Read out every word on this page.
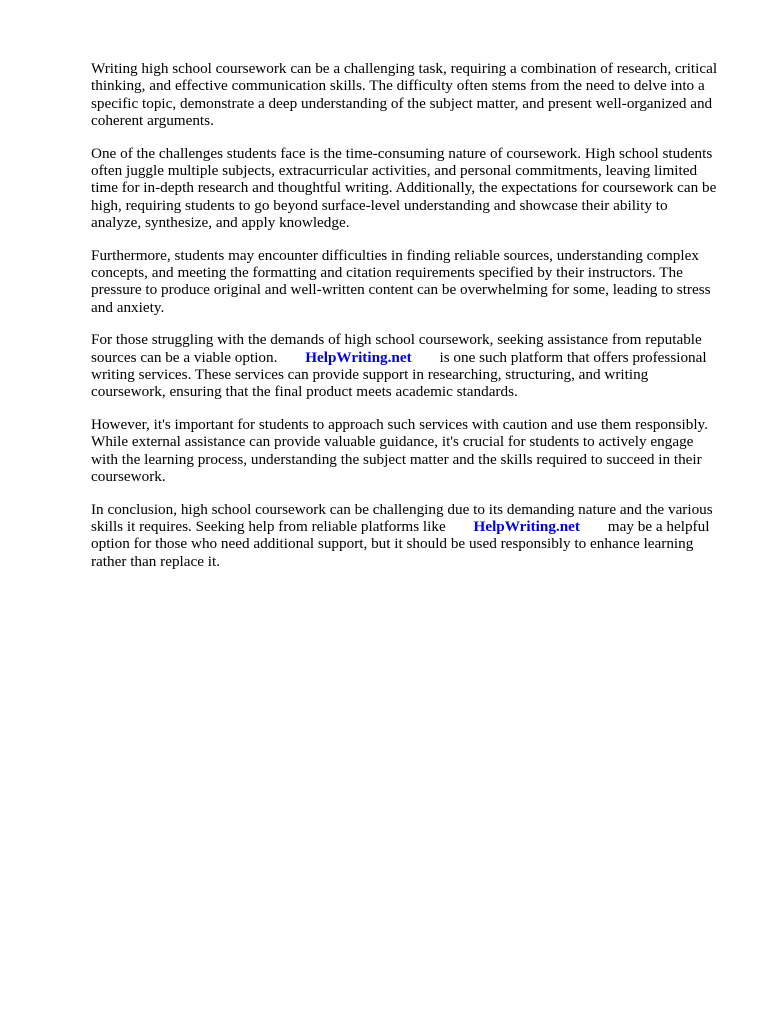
Writing high school coursework can be a challenging task, requiring a combination of research, critical thinking, and effective communication skills. The difficulty often stems from the need to delve into a specific topic, demonstrate a deep understanding of the subject matter, and present well-organized and coherent arguments.

One of the challenges students face is the time-consuming nature of coursework. High school students often juggle multiple subjects, extracurricular activities, and personal commitments, leaving limited time for in-depth research and thoughtful writing. Additionally, the expectations for coursework can be high, requiring students to go beyond surface-level understanding and showcase their ability to analyze, synthesize, and apply knowledge.

Furthermore, students may encounter difficulties in finding reliable sources, understanding complex concepts, and meeting the formatting and citation requirements specified by their instructors. The pressure to produce original and well-written content can be overwhelming for some, leading to stress and anxiety.

For those struggling with the demands of high school coursework, seeking assistance from reputable sources can be a viable option. HelpWriting.net is one such platform that offers professional writing services. These services can provide support in researching, structuring, and writing coursework, ensuring that the final product meets academic standards.

However, it's important for students to approach such services with caution and use them responsibly. While external assistance can provide valuable guidance, it's crucial for students to actively engage with the learning process, understanding the subject matter and the skills required to succeed in their coursework.

In conclusion, high school coursework can be challenging due to its demanding nature and the various skills it requires. Seeking help from reliable platforms like HelpWriting.net may be a helpful option for those who need additional support, but it should be used responsibly to enhance learning rather than replace it.
